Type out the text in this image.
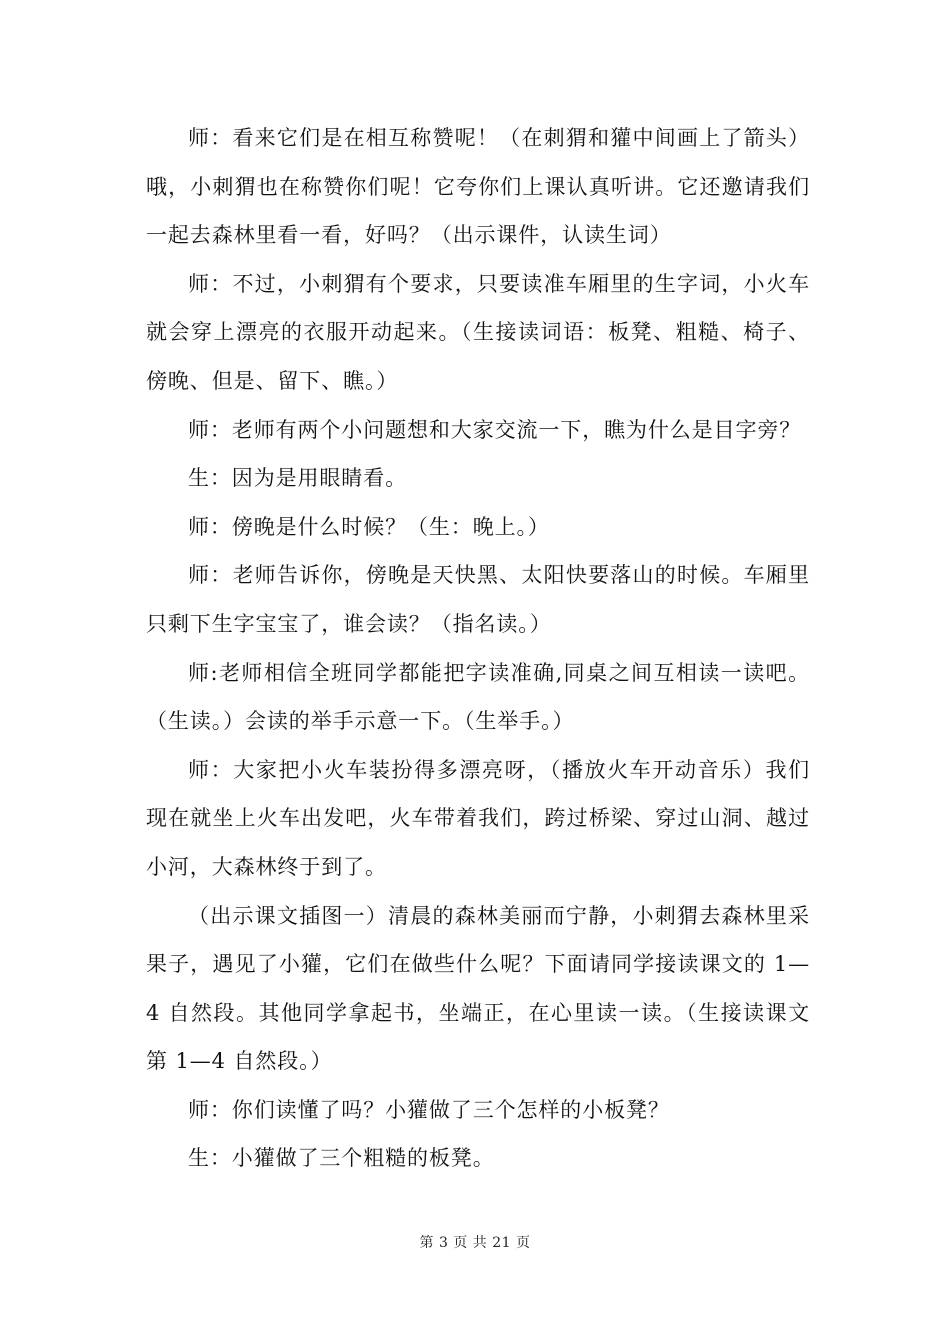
师：看来它们是在相互称赞呢！（在刺猬和獾中间画上了箭头）哦，小刺猬也在称赞你们呢！它夸你们上课认真听讲。它还邀请我们一起去森林里看一看，好吗？（出示课件，认读生词）

师：不过，小刺猬有个要求，只要读准车厢里的生字词，小火车就会穿上漂亮的衣服开动起来。（生接读词语：板凳、粗糙、椅子、傍晚、但是、留下、瞧。）

师：老师有两个小问题想和大家交流一下，瞧为什么是目字旁？

生：因为是用眼睛看。

师：傍晚是什么时候？（生：晚上。）

师：老师告诉你，傍晚是天快黑、太阳快要落山的时候。车厢里只剩下生字宝宝了，谁会读？（指名读。）

师:老师相信全班同学都能把字读准确,同桌之间互相读一读吧。（生读。）会读的举手示意一下。（生举手。）

师：大家把小火车装扮得多漂亮呀，（播放火车开动音乐）我们现在就坐上火车出发吧，火车带着我们，跨过桥梁、穿过山洞、越过小河，大森林终于到了。

（出示课文插图一）清晨的森林美丽而宁静，小刺猬去森林里采果子，遇见了小獾，它们在做些什么呢？下面请同学接读课文的 1—4 自然段。其他同学拿起书，坐端正，在心里读一读。（生接读课文第 1—4 自然段。）

师：你们读懂了吗？小獾做了三个怎样的小板凳？

生：小獾做了三个粗糙的板凳。

第 3 页 共 21 页
